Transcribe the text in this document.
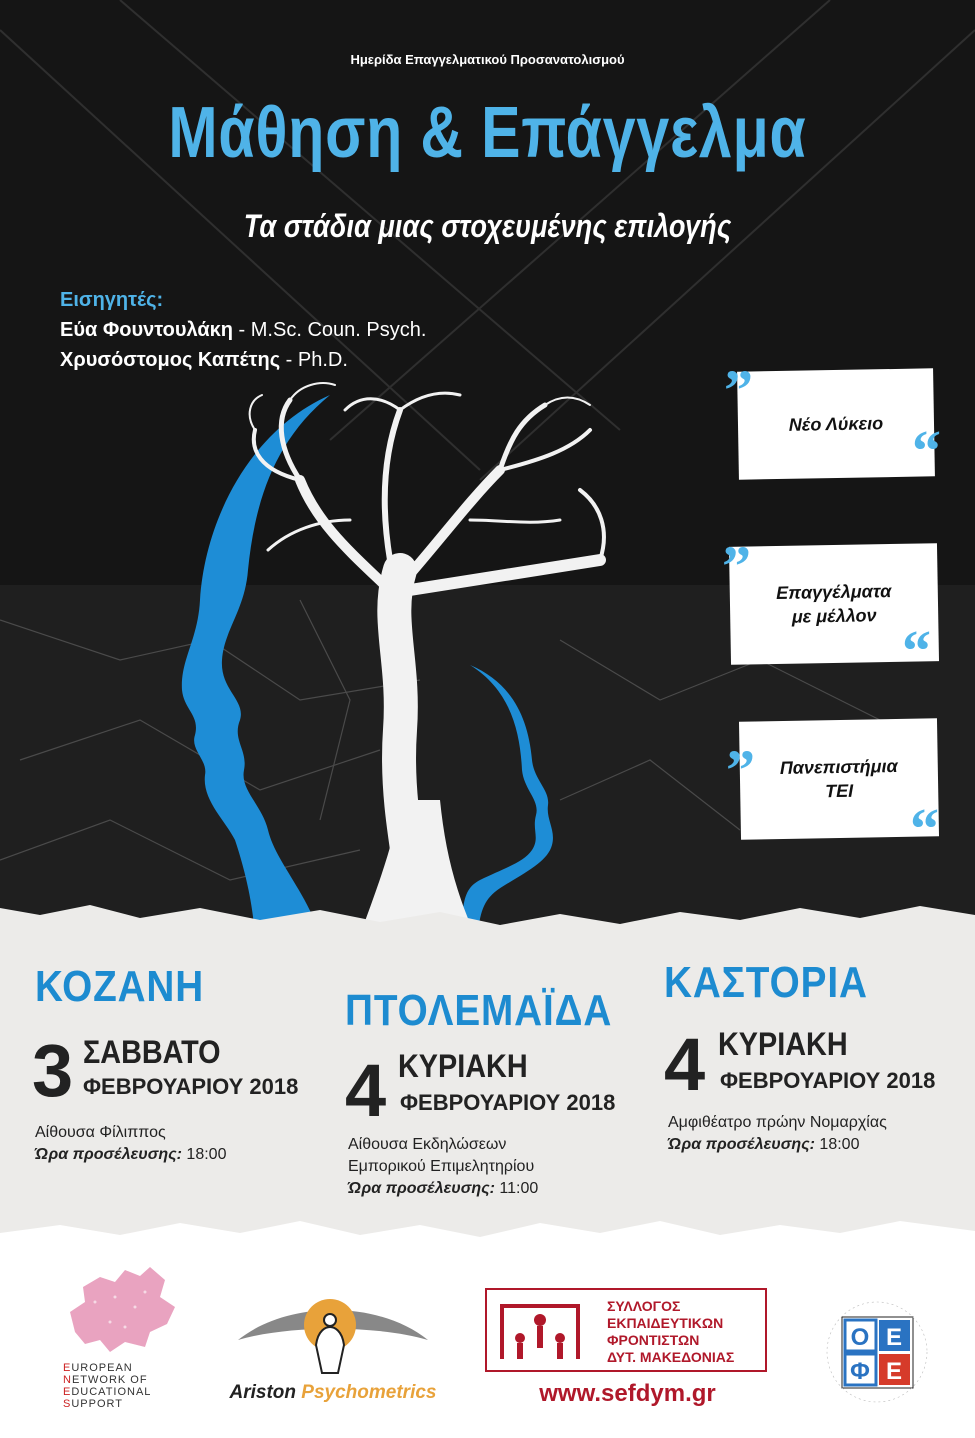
Ημερίδα Επαγγελματικού Προσανατολισμού
Μάθηση & Επάγγελμα
Τα στάδια μιας στοχευμένης επιλογής
Εισηγητές:
Εύα Φουντουλάκη - M.Sc. Coun. Psych.
Χρυσόστομος Καπέτης - Ph.D.
Νέο Λύκειο
”
“
Επαγγέλματα
με μέλλον
”
“
Πανεπιστήμια
ΤΕΙ
”
“
ΚΟΖΑΝΗ
3 ΣΑΒΒΑΤΟ
ΦΕΒΡΟΥΑΡΙΟΥ 2018
Αίθουσα Φίλιππος
Ώρα προσέλευσης: 18:00
ΠΤΟΛΕΜΑΪΔΑ
4 ΚΥΡΙΑΚΗ
ΦΕΒΡΟΥΑΡΙΟΥ 2018
Αίθουσα Εκδηλώσεων
Εμπορικού Επιμελητηρίου
Ώρα προσέλευσης: 11:00
ΚΑΣΤΟΡΙΑ
4 ΚΥΡΙΑΚΗ
ΦΕΒΡΟΥΑΡΙΟΥ 2018
Αμφιθέατρο πρώην Νομαρχίας
Ώρα προσέλευσης: 18:00
EUROPEAN
NETWORK OF
EDUCATIONAL
SUPPORT
Ariston Psychometrics
ΣΥΛΛΟΓΟΣ
ΕΚΠΑΙΔΕΥΤΙΚΩΝ
ΦΡΟΝΤΙΣΤΩΝ
ΔΥΤ. ΜΑΚΕΔΟΝΙΑΣ
www.sefdym.gr
Ο Ε
Φ Ε
